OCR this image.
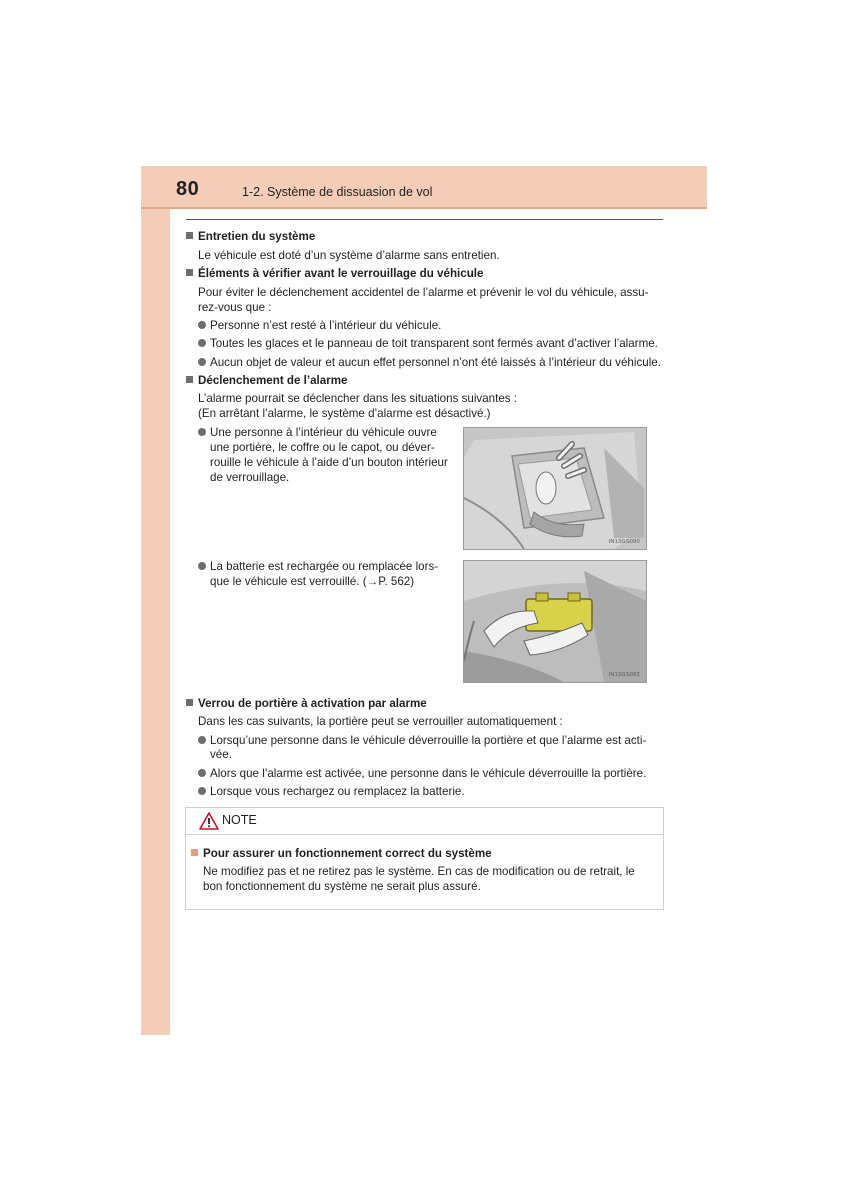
80	1-2. Système de dissuasion de vol
Entretien du système
Le véhicule est doté d’un système d’alarme sans entretien.
Éléments à vérifier avant le verrouillage du véhicule
Pour éviter le déclenchement accidentel de l’alarme et prévenir le vol du véhicule, assu-
rez-vous que :
Personne n’est resté à l’intérieur du véhicule.
Toutes les glaces et le panneau de toit transparent sont fermés avant d’activer l’alarme.
Aucun objet de valeur et aucun effet personnel n’ont été laissés à l’intérieur du véhicule.
Déclenchement de l’alarme
L’alarme pourrait se déclencher dans les situations suivantes :
(En arrêtant l’alarme, le système d’alarme est désactivé.)
Une personne à l’intérieur du véhicule ouvre
une portière, le coffre ou le capot, ou déver-
rouille le véhicule à l’aide d’un bouton intérieur
de verrouillage.
IN13GS080
La batterie est rechargée ou remplacée lors-
que le véhicule est verrouillé. (→P. 562)
IN13GS082
Verrou de portière à activation par alarme
Dans les cas suivants, la portière peut se verrouiller automatiquement :
Lorsqu’une personne dans le véhicule déverrouille la portière et que l’alarme est acti-
vée.
Alors que l’alarme est activée, une personne dans le véhicule déverrouille la portière.
Lorsque vous rechargez ou remplacez la batterie.
NOTE
Pour assurer un fonctionnement correct du système
Ne modifiez pas et ne retirez pas le système. En cas de modification ou de retrait, le
bon fonctionnement du système ne serait plus assuré.
